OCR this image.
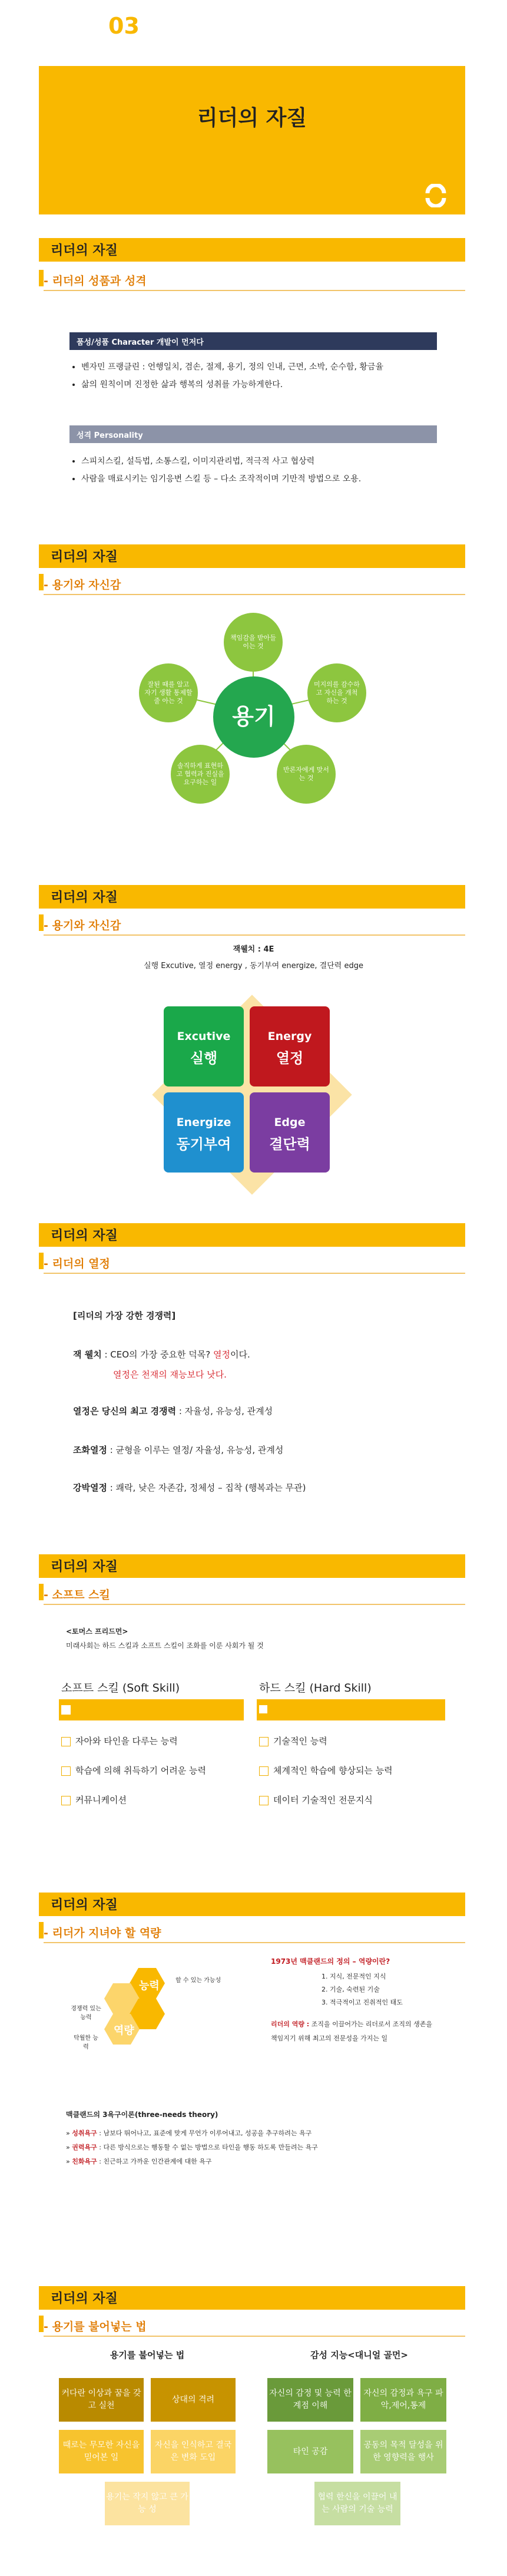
03
리더의 자질
리더의 자질
- 리더의 성품과 성격
품성/성품 Character 개발이 먼저다
• 벤자민 프랭클린 : 언행일치, 겸손, 절제, 용기, 정의 인내, 근면, 소박, 순수함, 황금율
• 삶의 원칙이며 진정한 삶과 행복의 성취를 가능하게한다.
성격 Personality
• 스피치스킬, 설득법, 소통스킬, 이미지관리법, 적극적 사고 협상력
• 사람을 매료시키는 임기응변 스킬 등 – 다소 조작적이며 기만적 방법으로 오용.
리더의 자질
- 용기와 자신감
용기
책임감을 받아들이는 것
미지의를 감수하고 자신을 개척 하는 것
반론자에게 맞서는 것
솔직하게 표현하고 협력과 진실을 요구하는 일
잘된 때를 알고 자기 생활 통제할 줄 아는 것
리더의 자질
- 용기와 자신감
잭웰치 : 4E
실행 Excutive, 열정 energy , 동기부여 energize, 결단력 edge
Excutive
실행
Energy
열정
Energize
동기부여
Edge
결단력
리더의 자질
- 리더의 열정
[리더의 가장 강한 경쟁력]
잭 웰치 : CEO의 가장 중요한 덕목? 열정이다.
열정은 천재의 재능보다 낫다.
열정은 당신의 최고 경쟁력 : 자율성, 유능성, 관계성
조화열정 : 균형을 이루는 열정/ 자율성, 유능성, 관계성
강박열정 : 쾌락, 낮은 자존감, 정체성 – 집착 (행복과는 무관)
리더의 자질
- 소프트 스킬
<토머스 프리드먼>
미래사회는 하드 스킬과 소프트 스킬이 조화를 이룬 사회가 될 것
소프트 스킬 (Soft Skill)
자아와 타인을 다루는 능력
학습에 의해 취득하기 어려운 능력
커뮤니케이션
하드 스킬 (Hard Skill)
기술적인 능력
체계적인 학습에 향상되는 능력
데이터 기술적인 전문지식
리더의 자질
- 리더가 지녀야 할 역량
능력
역량
경쟁력 있는 능력
탁월한 능력
할 수 있는 가능성
1973년 맥클랜드의 정의 – 역량이란?
1. 지식, 전문적인 지식
2. 기술, 숙련된 기술
3. 적극적이고 진취적인 태도
리더의 역량 : 조직을 이끌어가는 리더로서 조직의 생존을 책임지기 위해 최고의 전문성을 가지는 일
맥클랜드의 3욕구이론(three-needs theory)
» 성취욕구 : 남보다 뛰어나고, 표준에 맞게 무언가 이루어내고, 성공을 추구하려는 욕구
» 권력욕구 : 다른 방식으로는 행동할 수 없는 방법으로 타인을 행동 하도록 만들려는 욕구
» 친화욕구 : 친근하고 가까운 인간관계에 대한 욕구
리더의 자질
- 용기를 불어넣는 법
용기를 불어넣는 법	감성 지능<대니얼 골먼>
커다란 이상과 꿈을 갖고 실천
상대의 격려
때로는 무모한 자신을 믿어본 일
자신을 인식하고 결국은 변화 도입
용기는 작지 않고 큰 가능 성
자신의 감정 및 능력 한계점 이해
자신의 감정과 욕구 파악,제어,통제
타인 공감
공동의 목적 달성을 위한 영향력을 행사
협력 한신을 이끌어 내는 사람의 기술 능력
